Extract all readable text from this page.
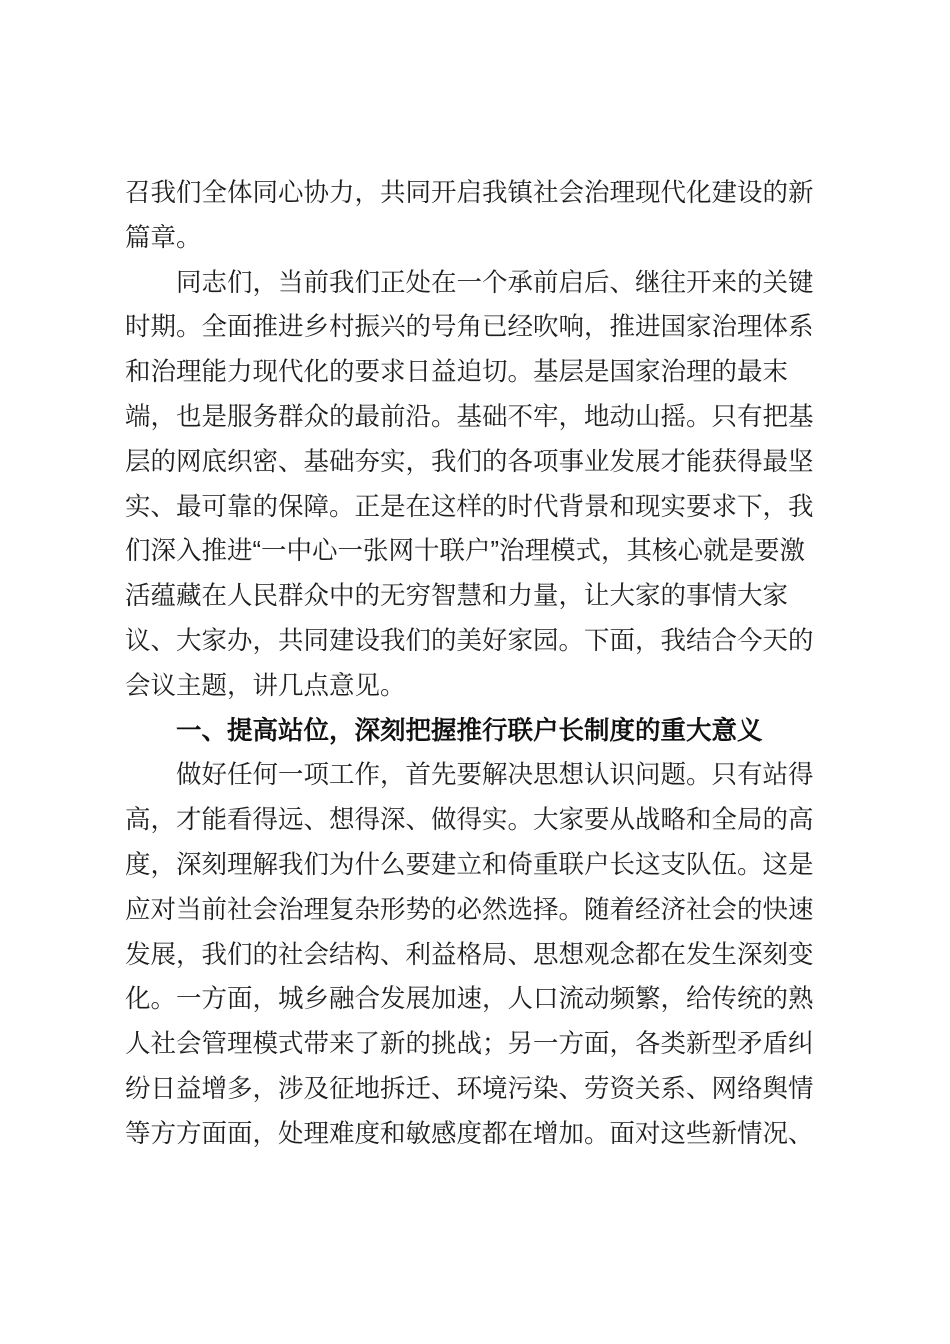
召我们全体同心协力，共同开启我镇社会治理现代化建设的新
篇章。
同志们，当前我们正处在一个承前启后、继往开来的关键
时期。全面推进乡村振兴的号角已经吹响，推进国家治理体系
和治理能力现代化的要求日益迫切。基层是国家治理的最末
端，也是服务群众的最前沿。基础不牢，地动山摇。只有把基
层的网底织密、基础夯实，我们的各项事业发展才能获得最坚
实、最可靠的保障。正是在这样的时代背景和现实要求下，我
们深入推进“一中心一张网十联户”治理模式，其核心就是要激
活蕴藏在人民群众中的无穷智慧和力量，让大家的事情大家
议、大家办，共同建设我们的美好家园。下面，我结合今天的
会议主题，讲几点意见。
一、提高站位，深刻把握推行联户长制度的重大意义
做好任何一项工作，首先要解决思想认识问题。只有站得
高，才能看得远、想得深、做得实。大家要从战略和全局的高
度，深刻理解我们为什么要建立和倚重联户长这支队伍。这是
应对当前社会治理复杂形势的必然选择。随着经济社会的快速
发展，我们的社会结构、利益格局、思想观念都在发生深刻变
化。一方面，城乡融合发展加速，人口流动频繁，给传统的熟
人社会管理模式带来了新的挑战；另一方面，各类新型矛盾纠
纷日益增多，涉及征地拆迁、环境污染、劳资关系、网络舆情
等方方面面，处理难度和敏感度都在增加。面对这些新情况、
